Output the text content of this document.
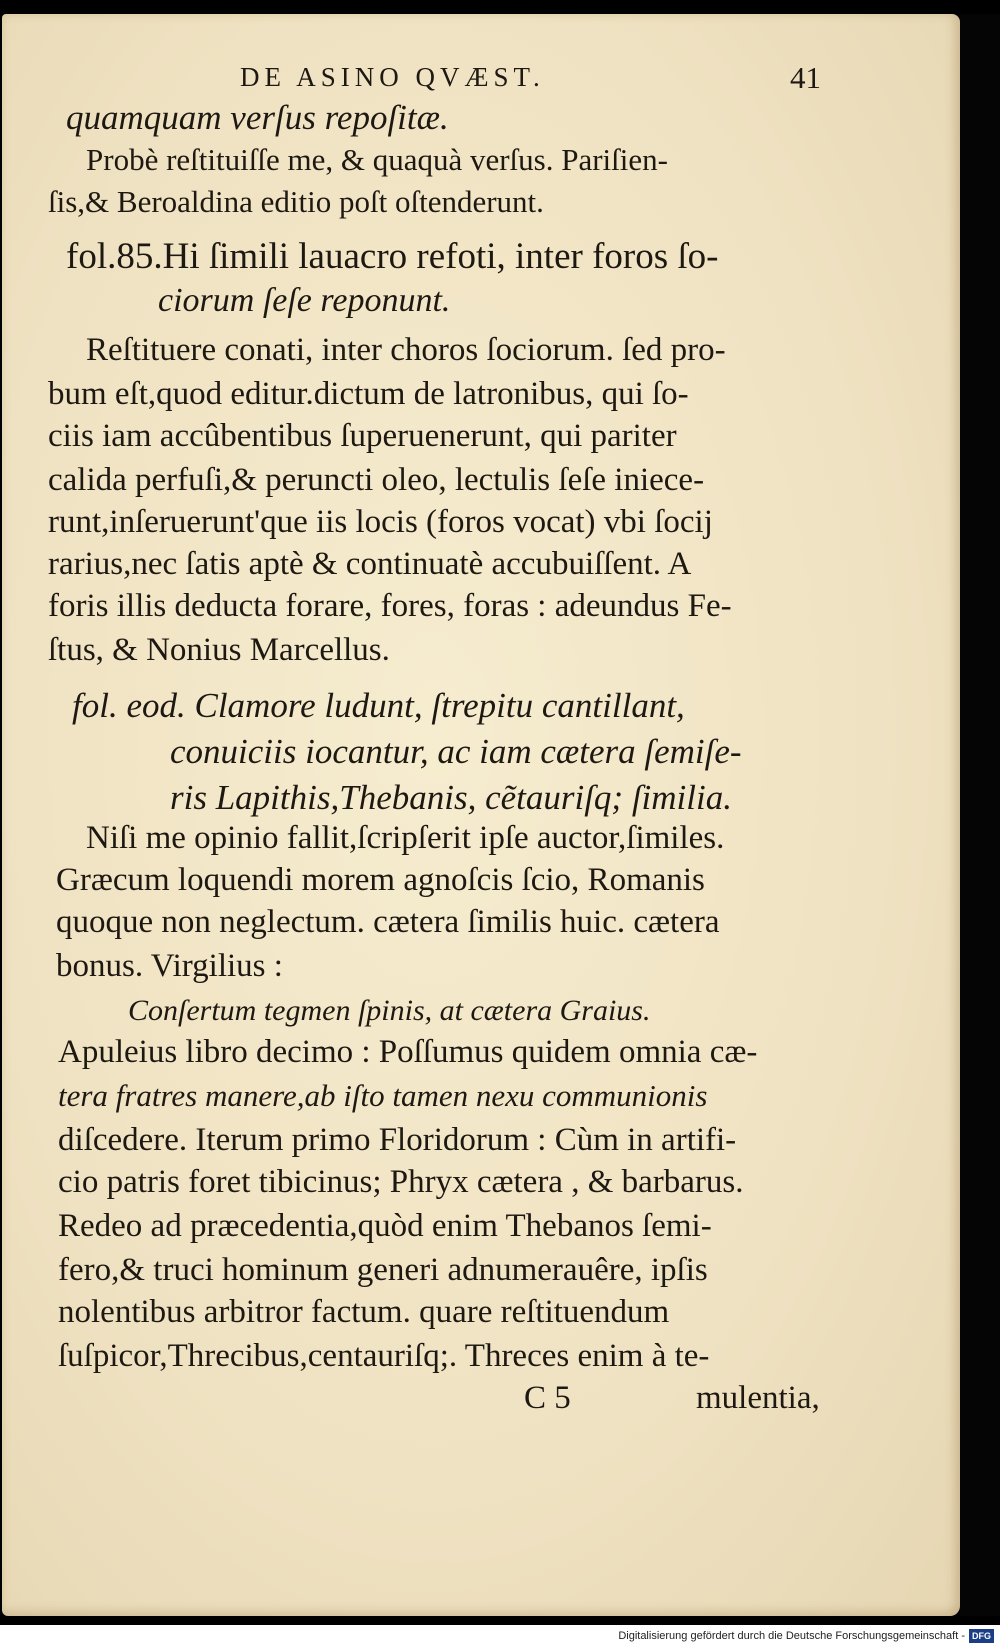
DE ASINO QVÆST.	41
quamquam verſus repoſitæ.
Probè reſtituiſſe me, & quaquà verſus. Pariſien-
ſis,& Beroaldina editio poſt oſtenderunt.
fol.85.Hi ſimili lauacro refoti, inter foros ſo-
ciorum ſeſe reponunt.
Reſtituere conati, inter choros ſociorum. ſed pro-
bum eſt,quod editur.dictum de latronibus, qui ſo-
ciis iam accûbentibus ſuperuenerunt, qui pariter
calida perfuſi,& peruncti oleo, lectulis ſeſe iniece-
runt,inſeruerunt'que iis locis (foros vocat) vbi ſocij
rarius,nec ſatis aptè & continuatè accubuiſſent. A
foris illis deducta forare, fores, foras : adeundus Fe-
ſtus, & Nonius Marcellus.
fol. eod. Clamore ludunt, ſtrepitu cantillant,
conuiciis iocantur, ac iam cætera ſemiſe-
ris Lapithis,Thebanis, cẽtauriſq; ſimilia.
Niſi me opinio fallit,ſcripſerit ipſe auctor,ſimiles.
Græcum loquendi morem agnoſcis ſcio, Romanis
quoque non neglectum. cætera ſimilis huic. cætera
bonus. Virgilius :
Conſertum tegmen ſpinis, at cætera Graius.
Apuleius libro decimo : Poſſumus quidem omnia cæ-
tera fratres manere,ab iſto tamen nexu communionis
diſcedere. Iterum primo Floridorum : Cùm in artifi-
cio patris foret tibicinus; Phryx cætera , & barbarus.
Redeo ad præcedentia,quòd enim Thebanos ſemi-
fero,& truci hominum generi adnumerauêre, ipſis
nolentibus arbitror factum. quare reſtituendum
ſuſpicor,Threcibus,centauriſq;. Threces enim à te-
C 5	mulentia,
Digitalisierung gefördert durch die Deutsche Forschungsgemeinschaft - DFG
